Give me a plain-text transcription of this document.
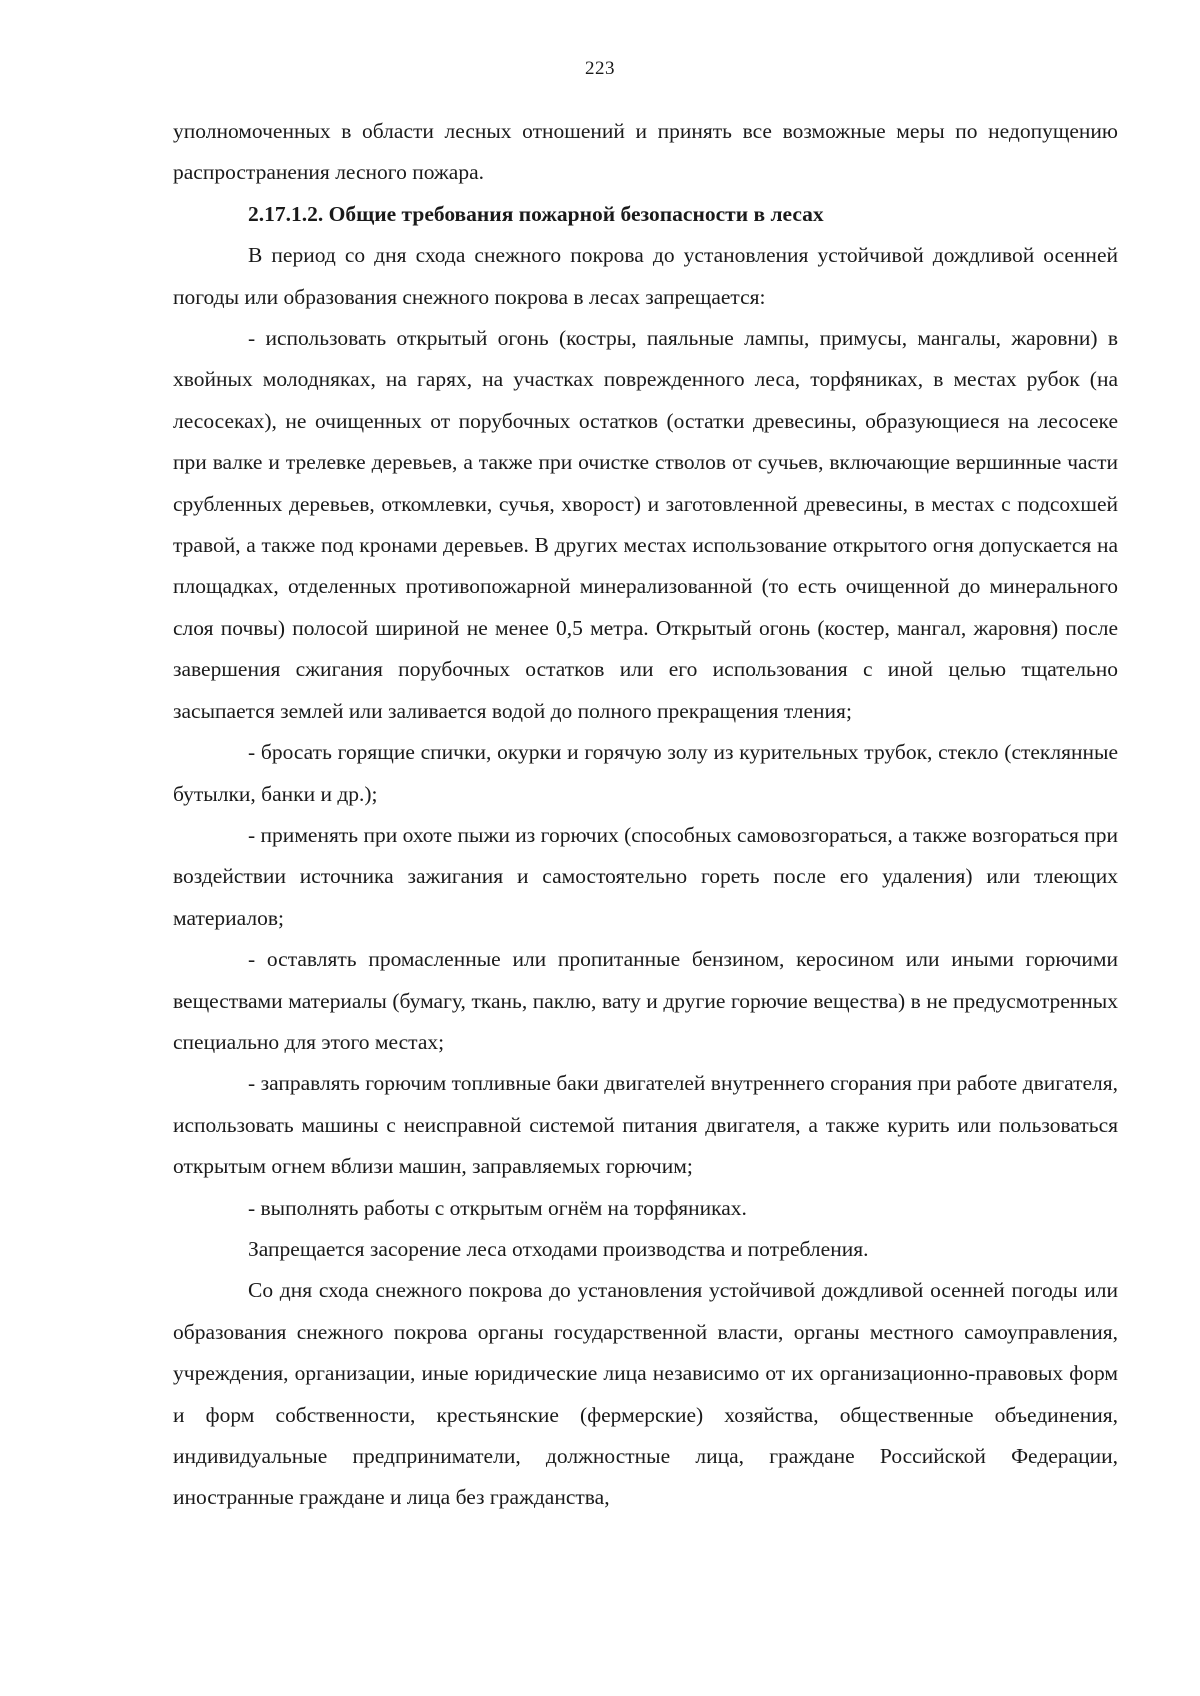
223

уполномоченных в области лесных отношений и принять все возможные меры по недопущению распространения лесного пожара.

2.17.1.2. Общие требования пожарной безопасности в лесах

В период со дня схода снежного покрова до установления устойчивой дождливой осенней погоды или образования снежного покрова в лесах запрещается:

- использовать открытый огонь (костры, паяльные лампы, примусы, мангалы, жаровни) в хвойных молодняках, на гарях, на участках поврежденного леса, торфяниках, в местах рубок (на лесосеках), не очищенных от порубочных остатков (остатки древесины, образующиеся на лесосеке при валке и трелевке деревьев, а также при очистке стволов от сучьев, включающие вершинные части срубленных деревьев, откомлевки, сучья, хворост) и заготовленной древесины, в местах с подсохшей травой, а также под кронами деревьев. В других местах использование открытого огня допускается на площадках, отделенных противопожарной минерализованной (то есть очищенной до минерального слоя почвы) полосой шириной не менее 0,5 метра. Открытый огонь (костер, мангал, жаровня) после завершения сжигания порубочных остатков или его использования с иной целью тщательно засыпается землей или заливается водой до полного прекращения тления;

- бросать горящие спички, окурки и горячую золу из курительных трубок, стекло (стеклянные бутылки, банки и др.);

- применять при охоте пыжи из горючих (способных самовозгораться, а также возгораться при воздействии источника зажигания и самостоятельно гореть после его удаления) или тлеющих материалов;

- оставлять промасленные или пропитанные бензином, керосином или иными горючими веществами материалы (бумагу, ткань, паклю, вату и другие горючие вещества) в не предусмотренных специально для этого местах;

- заправлять горючим топливные баки двигателей внутреннего сгорания при работе двигателя, использовать машины с неисправной системой питания двигателя, а также курить или пользоваться открытым огнем вблизи машин, заправляемых горючим;

- выполнять работы с открытым огнём на торфяниках.

Запрещается засорение леса отходами производства и потребления.

Со дня схода снежного покрова до установления устойчивой дождливой осенней погоды или образования снежного покрова органы государственной власти, органы местного самоуправления, учреждения, организации, иные юридические лица независимо от их организационно-правовых форм и форм собственности, крестьянские (фермерские) хозяйства, общественные объединения, индивидуальные предприниматели, должностные лица, граждане Российской Федерации, иностранные граждане и лица без гражданства,
